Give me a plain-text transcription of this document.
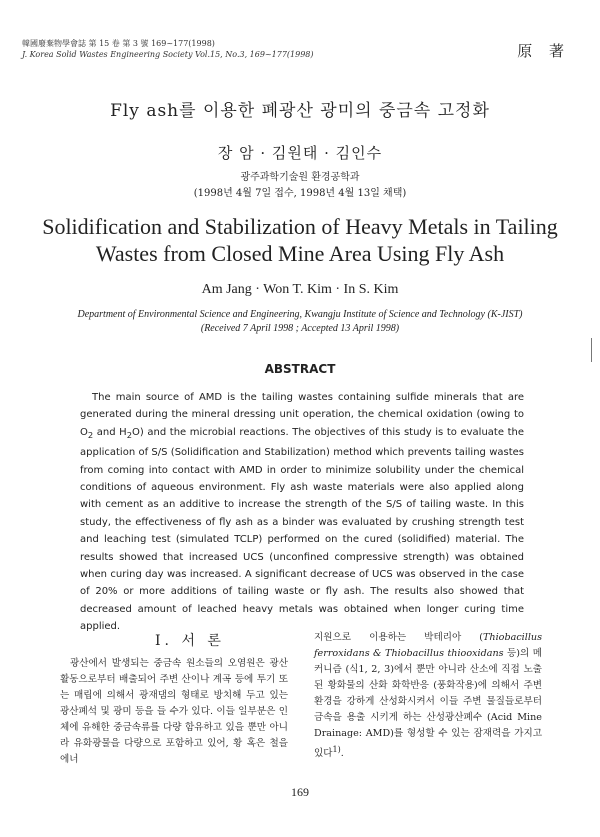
韓國廢棄物學會誌 第 15 卷 第 3 號 169~177(1998)
J. Korea Solid Wastes Engineering Society Vol.15, No.3, 169~177(1998)	原 著
Fly ash를 이용한 폐광산 광미의 중금속 고정화
장 암 · 김원태 · 김인수
광주과학기술원 환경공학과
(1998년 4월 7일 접수, 1998년 4월 13일 채택)
Solidification and Stabilization of Heavy Metals in Tailing
Wastes from Closed Mine Area Using Fly Ash
Am Jang · Won T. Kim · In S. Kim
Department of Environmental Science and Engineering, Kwangju Institute of Science and Technology (K-JIST)
(Received 7 April 1998 ; Accepted 13 April 1998)
ABSTRACT
The main source of AMD is the tailing wastes containing sulfide minerals that are generated during the mineral dressing unit operation, the chemical oxidation (owing to $O_2$ and $H_2O$) and the microbial reactions. The objectives of this study is to evaluate the application of S/S (Solidification and Stabilization) method which prevents tailing wastes from coming into contact with AMD in order to minimize solubility under the chemical conditions of aqueous environment. Fly ash waste materials were also applied along with cement as an additive to increase the strength of the S/S of tailing waste. In this study, the effectiveness of fly ash as a binder was evaluated by crushing strength test and leaching test (simulated TCLP) performed on the cured (solidified) material. The results showed that increased UCS (unconfined compressive strength) was obtained when curing day was increased. A significant decrease of UCS was observed in the case of 20% or more additions of tailing waste or fly ash. The results also showed that decreased amount of leached heavy metals was obtained when longer curing time applied.
Ⅰ. 서 론
광산에서 발생되는 중금속 원소들의 오염원은 광산활동으로부터 배출되어 주변 산이나 계곡 등에 투기 또는 매립에 의해서 광재댐의 형태로 방치해 두고 있는 광산폐석 및 광미 등을 들 수가 있다. 이들 일부분은 인체에 유해한 중금속류를 다량 함유하고 있을 뿐만 아니라 유화광물을 다량으로 포함하고 있어, 황 혹은 철을 에너
지원으로 이용하는 박테리아 (Thiobacillus ferroxidans & Thiobacillus thiooxidans 등)의 메커니즘 (식1, 2, 3)에서 뿐만 아니라 산소에 직접 노출된 황화물의 산화 화학반응 (풍화작용)에 의해서 주변환경을 강하게 산성화시켜서 이들 주변 물질들로부터 금속을 용출 시키게 하는 산성광산폐수 (Acid Mine Drainage: AMD)를 형성할 수 있는 잠재력을 가지고 있다$^{1)}$.
169
